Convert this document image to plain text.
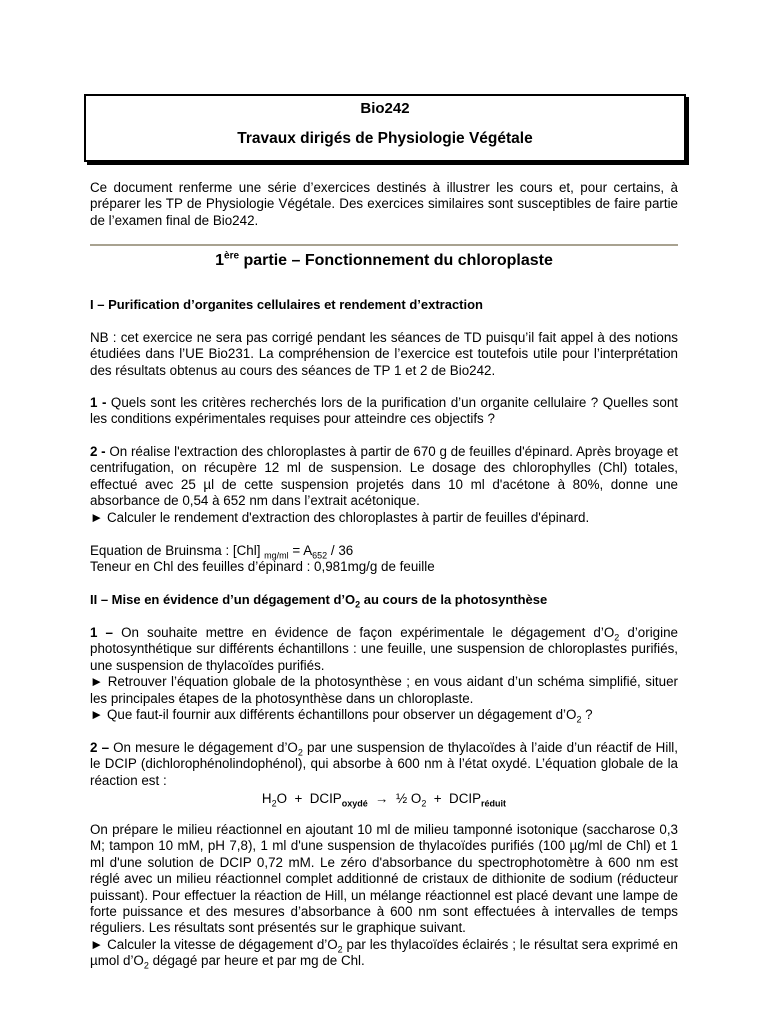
Bio242
Travaux dirigés de Physiologie Végétale

Ce document renferme une série d’exercices destinés à illustrer les cours et, pour certains, à préparer les TP de Physiologie Végétale. Des exercices similaires sont susceptibles de faire partie de l’examen final de Bio242.

1ère partie – Fonctionnement du chloroplaste
I – Purification d’organites cellulaires et rendement d’extraction

NB : cet exercice ne sera pas corrigé pendant les séances de TD puisqu’il fait appel à des notions étudiées dans l’UE Bio231. La compréhension de l’exercice est toutefois utile pour l’interprétation des résultats obtenus au cours des séances de TP 1 et 2 de Bio242.

1 - Quels sont les critères recherchés lors de la purification d’un organite cellulaire ? Quelles sont les conditions expérimentales requises pour atteindre ces objectifs ?

2 - On réalise l'extraction des chloroplastes à partir de 670 g de feuilles d'épinard. Après broyage et centrifugation, on récupère 12 ml de suspension. Le dosage des chlorophylles (Chl) totales, effectué avec 25 µl de cette suspension projetés dans 10 ml d'acétone à 80%, donne une absorbance de 0,54 à 652 nm dans l’extrait acétonique.
► Calculer le rendement d'extraction des chloroplastes à partir de feuilles d'épinard.

Equation de Bruinsma : [Chl] $_{mg/ml} = A_{652} / 36$
Teneur en Chl des feuilles d’épinard : 0,981mg/g de feuille

II – Mise en évidence d’un dégagement $d’O_2$ au cours de la photosynthèse

1 – On souhaite mettre en évidence de façon expérimentale le dégagement $d’O_2$ d’origine photosynthétique sur différents échantillons : une feuille, une suspension de chloroplastes purifiés, une suspension de thylacoïdes purifiés.
► Retrouver l’équation globale de la photosynthèse ; en vous aidant d’un schéma simplifié, situer les principales étapes de la photosynthèse dans un chloroplaste.
► Que faut-il fournir aux différents échantillons pour observer un dégagement $d’O_2$ ?

2 – On mesure le dégagement $d’O_2$ par une suspension de thylacoïdes à l’aide d’un réactif de Hill, le DCIP (dichlorophénolindophénol), qui absorbe à 600 nm à l’état oxydé. L’équation globale de la réaction est :

$H_2O$  +  $DCIP_{oxydé}$  →  ½ $O_2$  +  $DCIP_{réduit}$

On prépare le milieu réactionnel en ajoutant 10 ml de milieu tamponné isotonique (saccharose 0,3 M; tampon 10 mM, pH 7,8), 1 ml d'une suspension de thylacoïdes purifiés (100 µg/ml de Chl) et 1 ml d'une solution de DCIP 0,72 mM. Le zéro d'absorbance du spectrophotomètre à 600 nm est réglé avec un milieu réactionnel complet additionné de cristaux de dithionite de sodium (réducteur puissant). Pour effectuer la réaction de Hill, un mélange réactionnel est placé devant une lampe de forte puissance et des mesures d’absorbance à 600 nm sont effectuées à intervalles de temps réguliers. Les résultats sont présentés sur le graphique suivant.
► Calculer la vitesse de dégagement $d’O_2$ par les thylacoïdes éclairés ; le résultat sera exprimé en µmol $d’O_2$ dégagé par heure et par mg de Chl.
